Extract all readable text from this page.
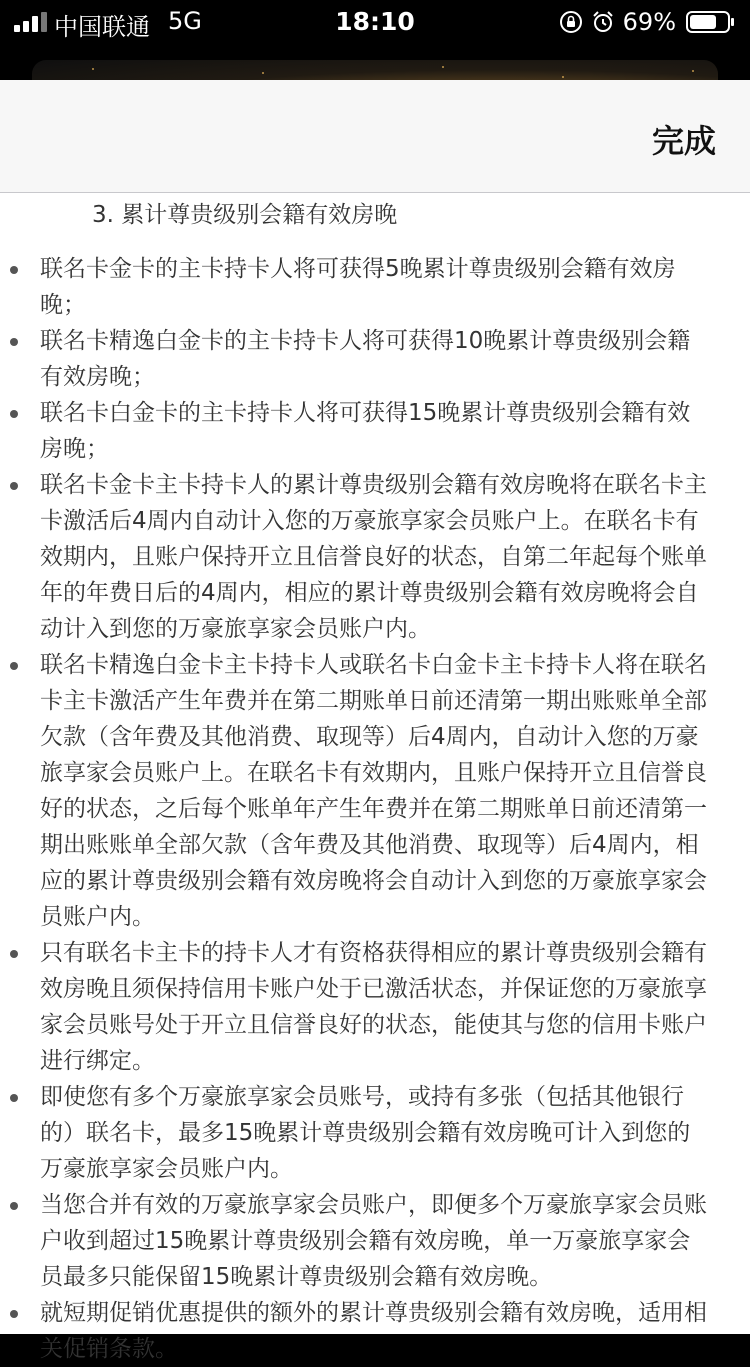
中国联通 5G	18:10	69%
完成
3. 累计尊贵级别会籍有效房晚
联名卡金卡的主卡持卡人将可获得5晚累计尊贵级别会籍有效房晚；
联名卡精逸白金卡的主卡持卡人将可获得10晚累计尊贵级别会籍有效房晚；
联名卡白金卡的主卡持卡人将可获得15晚累计尊贵级别会籍有效房晚；
联名卡金卡主卡持卡人的累计尊贵级别会籍有效房晚将在联名卡主卡激活后4周内自动计入您的万豪旅享家会员账户上。在联名卡有效期内，且账户保持开立且信誉良好的状态，自第二年起每个账单年的年费日后的4周内，相应的累计尊贵级别会籍有效房晚将会自动计入到您的万豪旅享家会员账户内。
联名卡精逸白金卡主卡持卡人或联名卡白金卡主卡持卡人将在联名卡主卡激活产生年费并在第二期账单日前还清第一期出账账单全部欠款（含年费及其他消费、取现等）后4周内，自动计入您的万豪旅享家会员账户上。在联名卡有效期内，且账户保持开立且信誉良好的状态，之后每个账单年产生年费并在第二期账单日前还清第一期出账账单全部欠款（含年费及其他消费、取现等）后4周内，相应的累计尊贵级别会籍有效房晚将会自动计入到您的万豪旅享家会员账户内。
只有联名卡主卡的持卡人才有资格获得相应的累计尊贵级别会籍有效房晚且须保持信用卡账户处于已激活状态，并保证您的万豪旅享家会员账号处于开立且信誉良好的状态，能使其与您的信用卡账户进行绑定。
即使您有多个万豪旅享家会员账号，或持有多张（包括其他银行的）联名卡，最多15晚累计尊贵级别会籍有效房晚可计入到您的万豪旅享家会员账户内。
当您合并有效的万豪旅享家会员账户，即便多个万豪旅享家会员账户收到超过15晚累计尊贵级别会籍有效房晚，单一万豪旅享家会员最多只能保留15晚累计尊贵级别会籍有效房晚。
就短期促销优惠提供的额外的累计尊贵级别会籍有效房晚，适用相关促销条款。
